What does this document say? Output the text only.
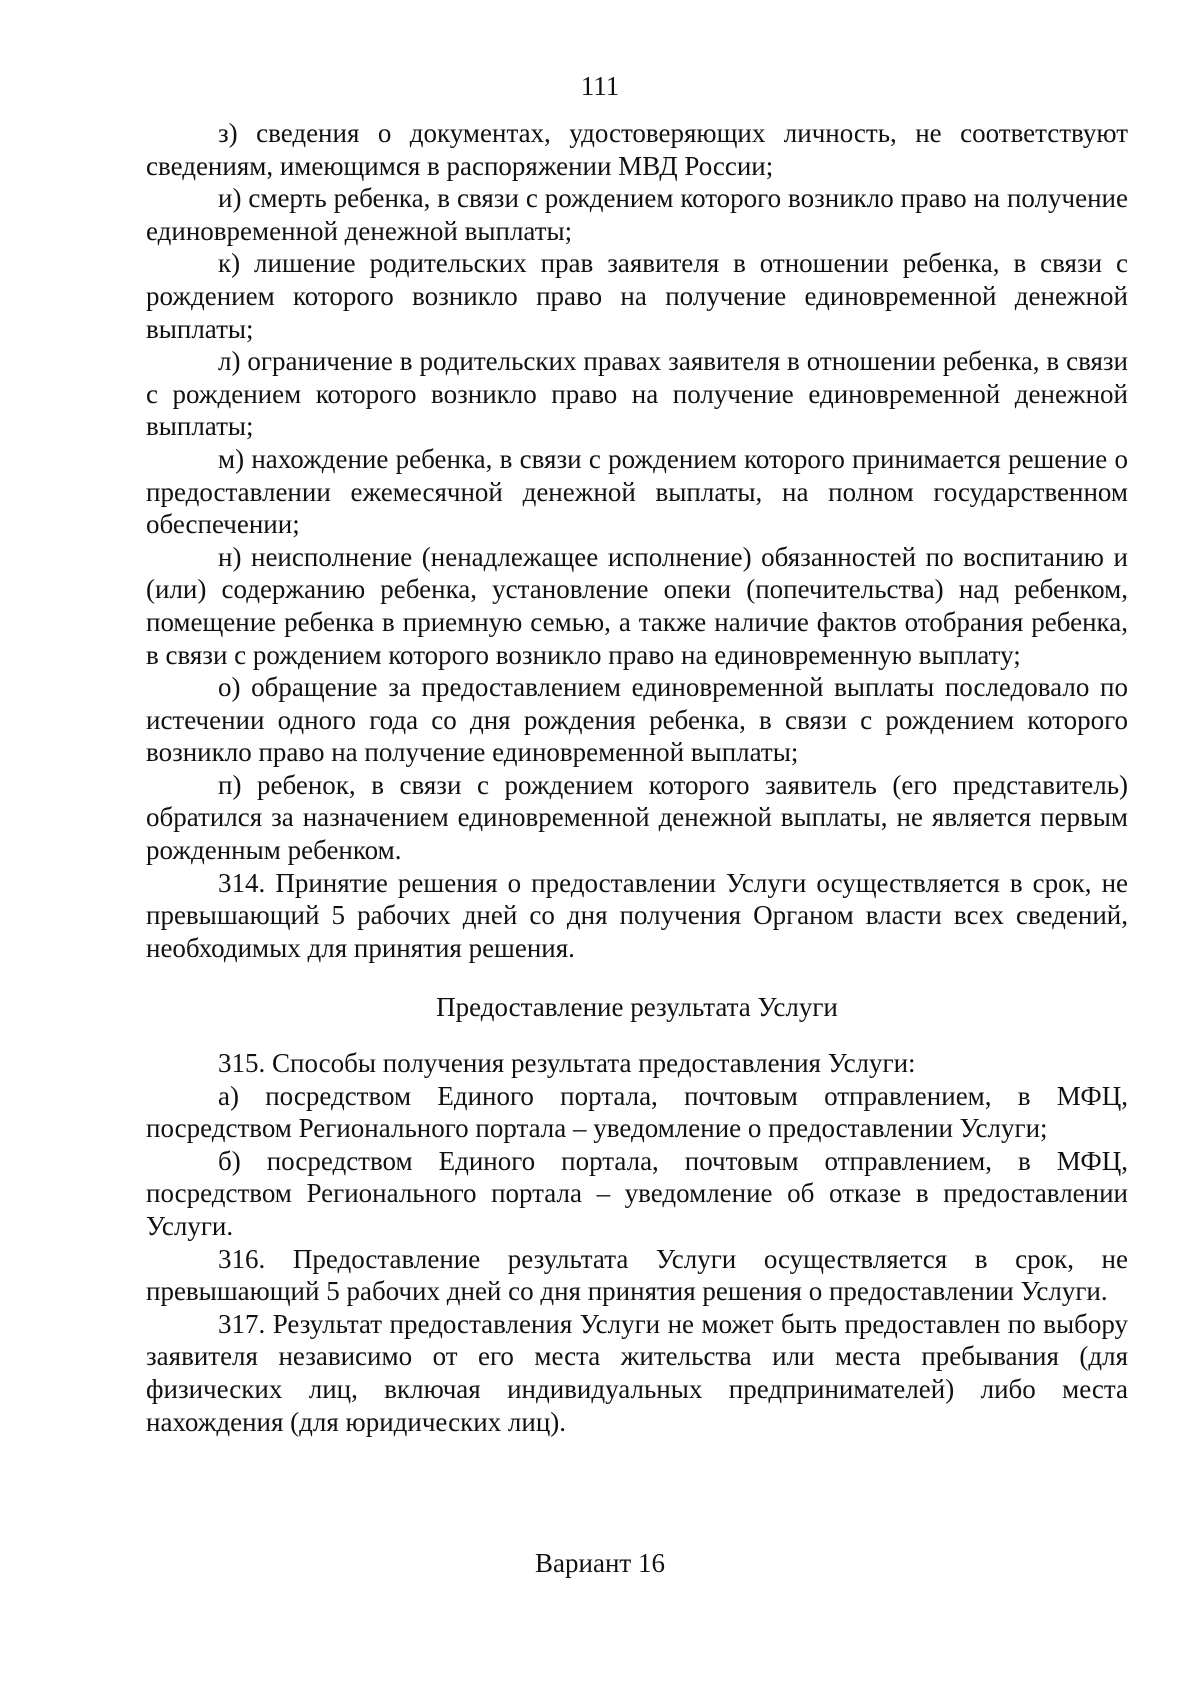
111

з) сведения о документах, удостоверяющих личность, не соответствуют сведениям, имеющимся в распоряжении МВД России;

и) смерть ребенка, в связи с рождением которого возникло право на получение единовременной денежной выплаты;

к) лишение родительских прав заявителя в отношении ребенка, в связи с рождением которого возникло право на получение единовременной денежной выплаты;

л) ограничение в родительских правах заявителя в отношении ребенка, в связи с рождением которого возникло право на получение единовременной денежной выплаты;

м) нахождение ребенка, в связи с рождением которого принимается решение о предоставлении ежемесячной денежной выплаты, на полном государственном обеспечении;

н) неисполнение (ненадлежащее исполнение) обязанностей по воспитанию и (или) содержанию ребенка, установление опеки (попечительства) над ребенком, помещение ребенка в приемную семью, а также наличие фактов отобрания ребенка, в связи с рождением которого возникло право на единовременную выплату;

о) обращение за предоставлением единовременной выплаты последовало по истечении одного года со дня рождения ребенка, в связи с рождением которого возникло право на получение единовременной выплаты;

п) ребенок, в связи с рождением которого заявитель (его представитель) обратился за назначением единовременной денежной выплаты, не является первым рожденным ребенком.

314. Принятие решения о предоставлении Услуги осуществляется в срок, не превышающий 5 рабочих дней со дня получения Органом власти всех сведений, необходимых для принятия решения.

Предоставление результата Услуги

315. Способы получения результата предоставления Услуги:

а) посредством Единого портала, почтовым отправлением, в МФЦ, посредством Регионального портала – уведомление о предоставлении Услуги;

б) посредством Единого портала, почтовым отправлением, в МФЦ, посредством Регионального портала – уведомление об отказе в предоставлении Услуги.

316. Предоставление результата Услуги осуществляется в срок, не превышающий 5 рабочих дней со дня принятия решения о предоставлении Услуги.

317. Результат предоставления Услуги не может быть предоставлен по выбору заявителя независимо от его места жительства или места пребывания (для физических лиц, включая индивидуальных предпринимателей) либо места нахождения (для юридических лиц).

Вариант 16
